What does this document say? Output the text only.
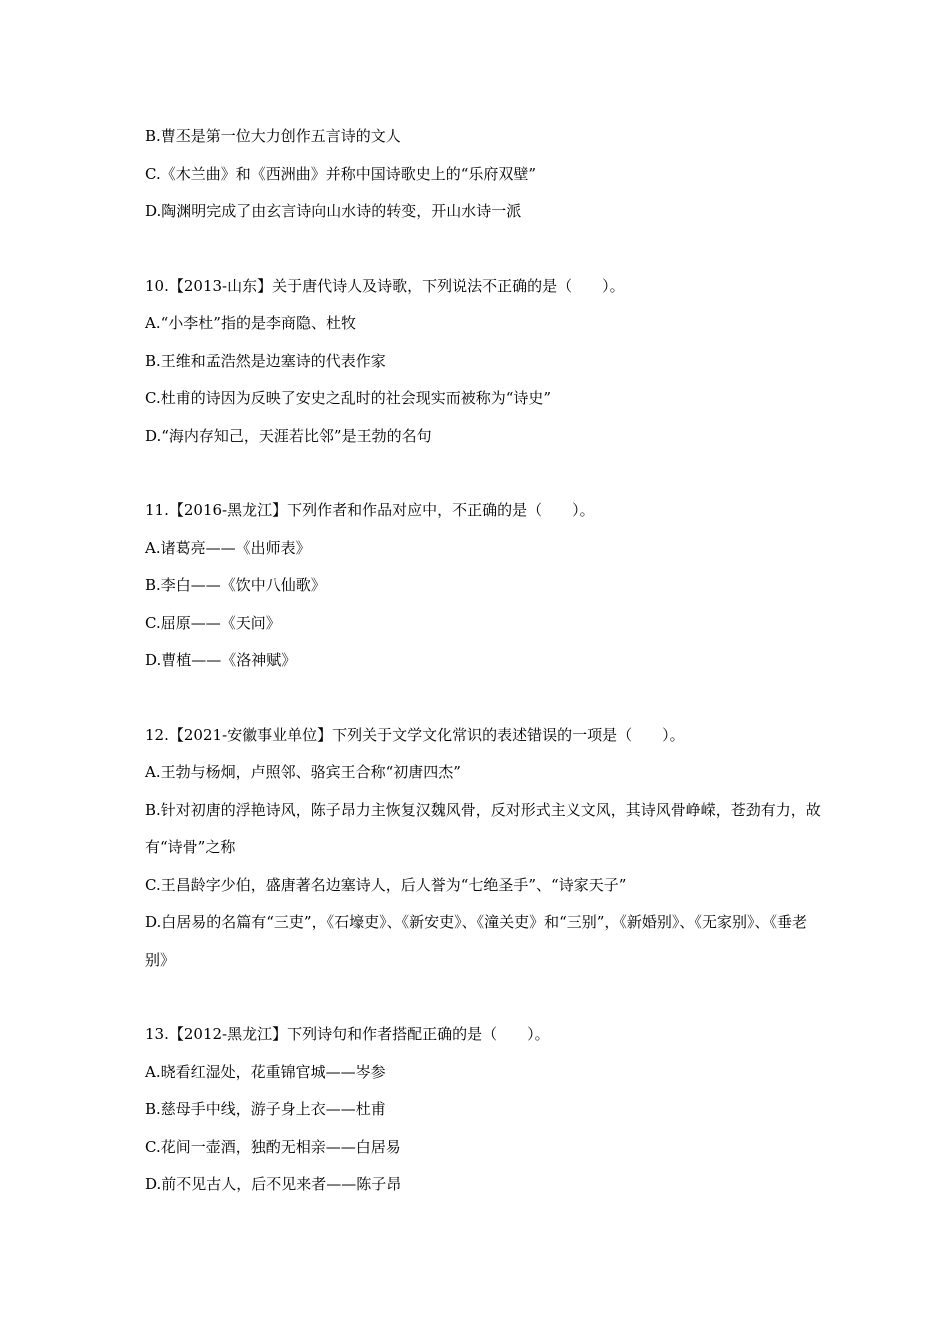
B.曹丕是第一位大力创作五言诗的文人
C.《木兰曲》和《西洲曲》并称中国诗歌史上的“乐府双壁”
D.陶渊明完成了由玄言诗向山水诗的转变，开山水诗一派
10.【2013-山东】关于唐代诗人及诗歌，下列说法不正确的是（　　）。
A.“小李杜”指的是李商隐、杜牧
B.王维和孟浩然是边塞诗的代表作家
C.杜甫的诗因为反映了安史之乱时的社会现实而被称为“诗史”
D.“海内存知己，天涯若比邻”是王勃的名句
11.【2016-黑龙江】下列作者和作品对应中，不正确的是（　　）。
A.诸葛亮——《出师表》
B.李白——《饮中八仙歌》
C.屈原——《天问》
D.曹植——《洛神赋》
12.【2021-安徽事业单位】下列关于文学文化常识的表述错误的一项是（　　）。
A.王勃与杨炯，卢照邻、骆宾王合称“初唐四杰”
B.针对初唐的浮艳诗风，陈子昂力主恢复汉魏风骨，反对形式主义文风，其诗风骨峥嵘，苍劲有力，故有“诗骨”之称
C.王昌龄字少伯，盛唐著名边塞诗人，后人誉为“七绝圣手”、“诗家天子”
D.白居易的名篇有“三吏”，《石壕吏》、《新安吏》、《潼关吏》和“三别”，《新婚别》、《无家别》、《垂老别》
13.【2012-黑龙江】下列诗句和作者搭配正确的是（　　）。
A.晓看红湿处，花重锦官城——岑参
B.慈母手中线，游子身上衣——杜甫
C.花间一壶酒，独酌无相亲——白居易
D.前不见古人，后不见来者——陈子昂
